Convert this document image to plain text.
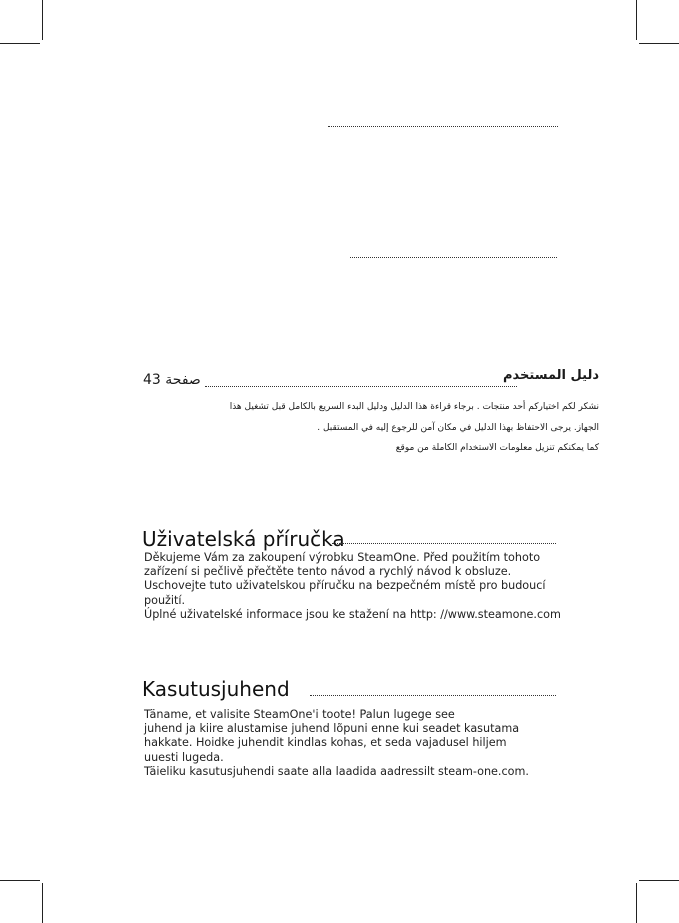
دليل المستخدم
صفحة 43
نشكر لكم اختياركم أحد منتجات . برجاء قراءة هذا الدليل ودليل البدء السريع بالكامل قبل تشغيل هذا
الجهاز. يرجى الاحتفاظ بهذا الدليل في مكان آمن للرجوع إليه في المستقبل .
كما يمكنكم تنزيل معلومات الاستخدام الكاملة من موقع
Uživatelská příručka
Děkujeme Vám za zakoupení výrobku SteamOne. Před použitím tohoto
zařízení si pečlivě přečtěte tento návod a rychlý návod k obsluze.
Uschovejte tuto uživatelskou příručku na bezpečném místě pro budoucí
použití.
Úplné uživatelské informace jsou ke stažení na http: //www.steamone.com
Kasutusjuhend
Täname, et valisite SteamOne'i toote! Palun lugege see
juhend ja kiire alustamise juhend lõpuni enne kui seadet kasutama
hakkate. Hoidke juhendit kindlas kohas, et seda vajadusel hiljem
uuesti lugeda.
Täieliku kasutusjuhendi saate alla laadida aadressilt steam-one.com.
